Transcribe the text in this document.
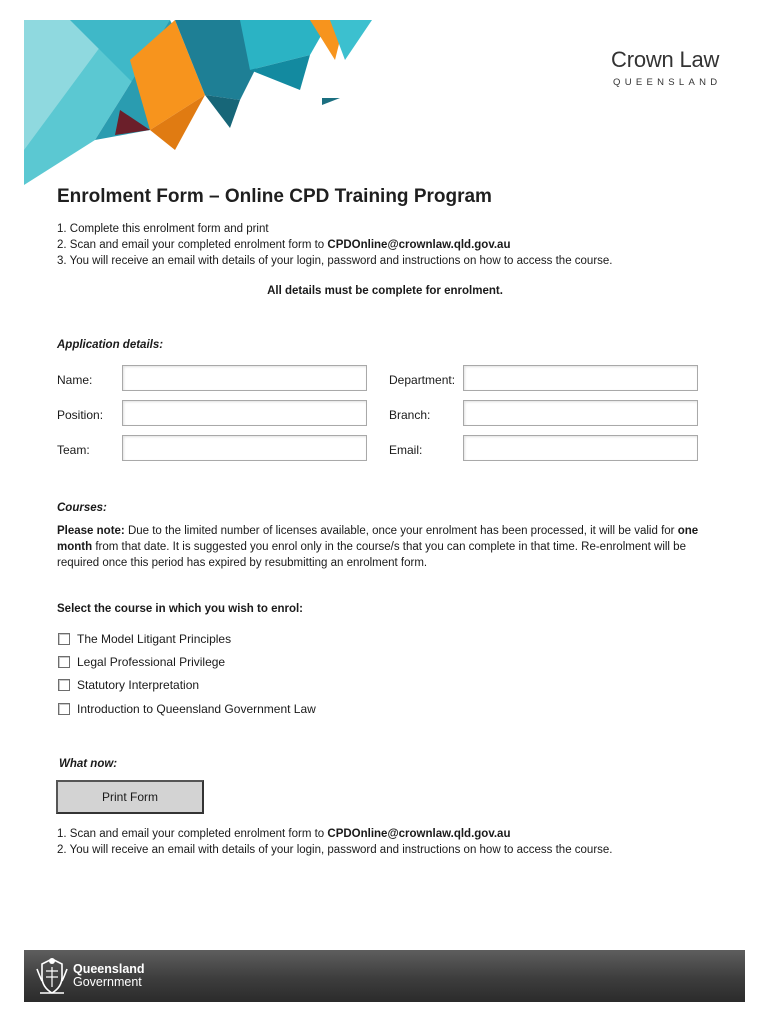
Crown Law
QUEENSLAND
Enrolment Form – Online CPD Training Program
1. Complete this enrolment form and print
2. Scan and email your completed enrolment form to CPDOnline@crownlaw.qld.gov.au
3. You will receive an email with details of your login, password and instructions on how to access the course.
All details must be complete for enrolment.
Application details:
Name:
Position:
Team:
Department:
Branch:
Email:
Courses:
Please note: Due to the limited number of licenses available, once your enrolment has been processed, it will be valid for one month from that date. It is suggested you enrol only in the course/s that you can complete in that time. Re-enrolment will be required once this period has expired by resubmitting an enrolment form.
Select the course in which you wish to enrol:
The Model Litigant Principles
Legal Professional Privilege
Statutory Interpretation
Introduction to Queensland Government Law
What now:
Print Form
1. Scan and email your completed enrolment form to CPDOnline@crownlaw.qld.gov.au
2. You will receive an email with details of your login, password and instructions on how to access the course.
Queensland
Government
